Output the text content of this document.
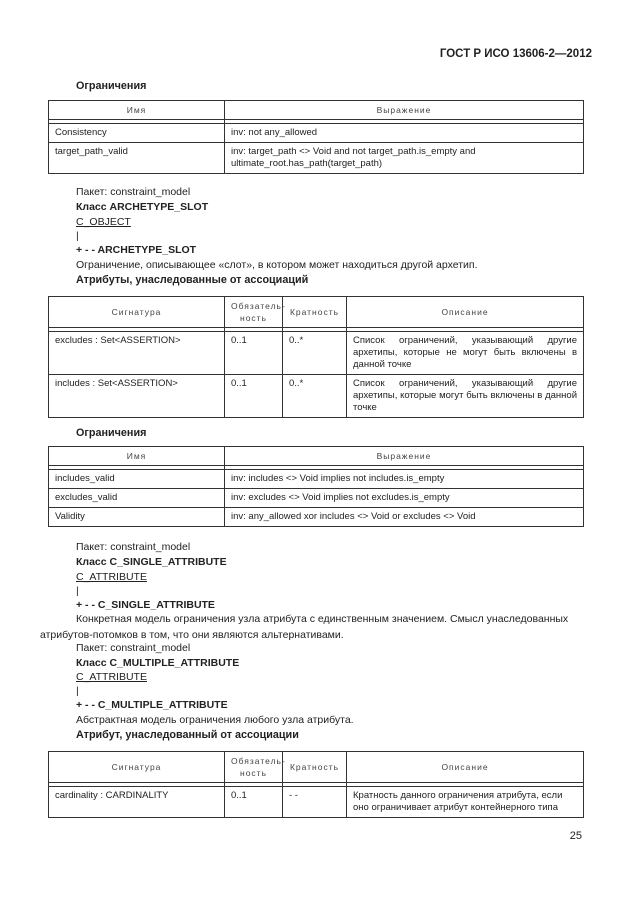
ГОСТ Р ИСО 13606-2—2012
Ограничения
Имя	Выражение

Consistency	inv: not any_allowed
target_path_valid	inv: target_path <> Void and not target_path.is_empty and ultimate_root.has_path(target_path)
Пакет: constraint_model
Класс ARCHETYPE_SLOT
C_OBJECT
|
+ - - ARCHETYPE_SLOT
Ограничение, описывающее «слот», в котором может находиться другой архетип.
Атрибуты, унаследованные от ассоциаций
Сигнатура	Обязатель-ность	Кратность	Описание

excludes : Set<ASSERTION>	0..1	0..*	Список ограничений, указывающий другие архетипы, которые не могут быть включены в данной точке
includes : Set<ASSERTION>	0..1	0..*	Список ограничений, указывающий другие архетипы, которые могут быть включены в данной точке
Ограничения
Имя	Выражение

includes_valid	inv: includes <> Void implies not includes.is_empty
excludes_valid	inv: excludes <> Void implies not excludes.is_empty
Validity	inv: any_allowed xor includes <> Void or excludes <> Void
Пакет: constraint_model
Класс C_SINGLE_ATTRIBUTE
C_ATTRIBUTE
|
+ - - C_SINGLE_ATTRIBUTE
Конкретная модель ограничения узла атрибута с единственным значением. Смысл унаследованных атрибутов-потомков в том, что они являются альтернативами.
Пакет: constraint_model
Класс C_MULTIPLE_ATTRIBUTE
C_ATTRIBUTE
|
+ - - C_MULTIPLE_ATTRIBUTE
Абстрактная модель ограничения любого узла атрибута.
Атрибут, унаследованный от ассоциации
Сигнатура	Обязатель-ность	Кратность	Описание

cardinality : CARDINALITY	0..1	- -	Кратность данного ограничения атрибута, если оно ограничивает атрибут контейнерного типа
25
